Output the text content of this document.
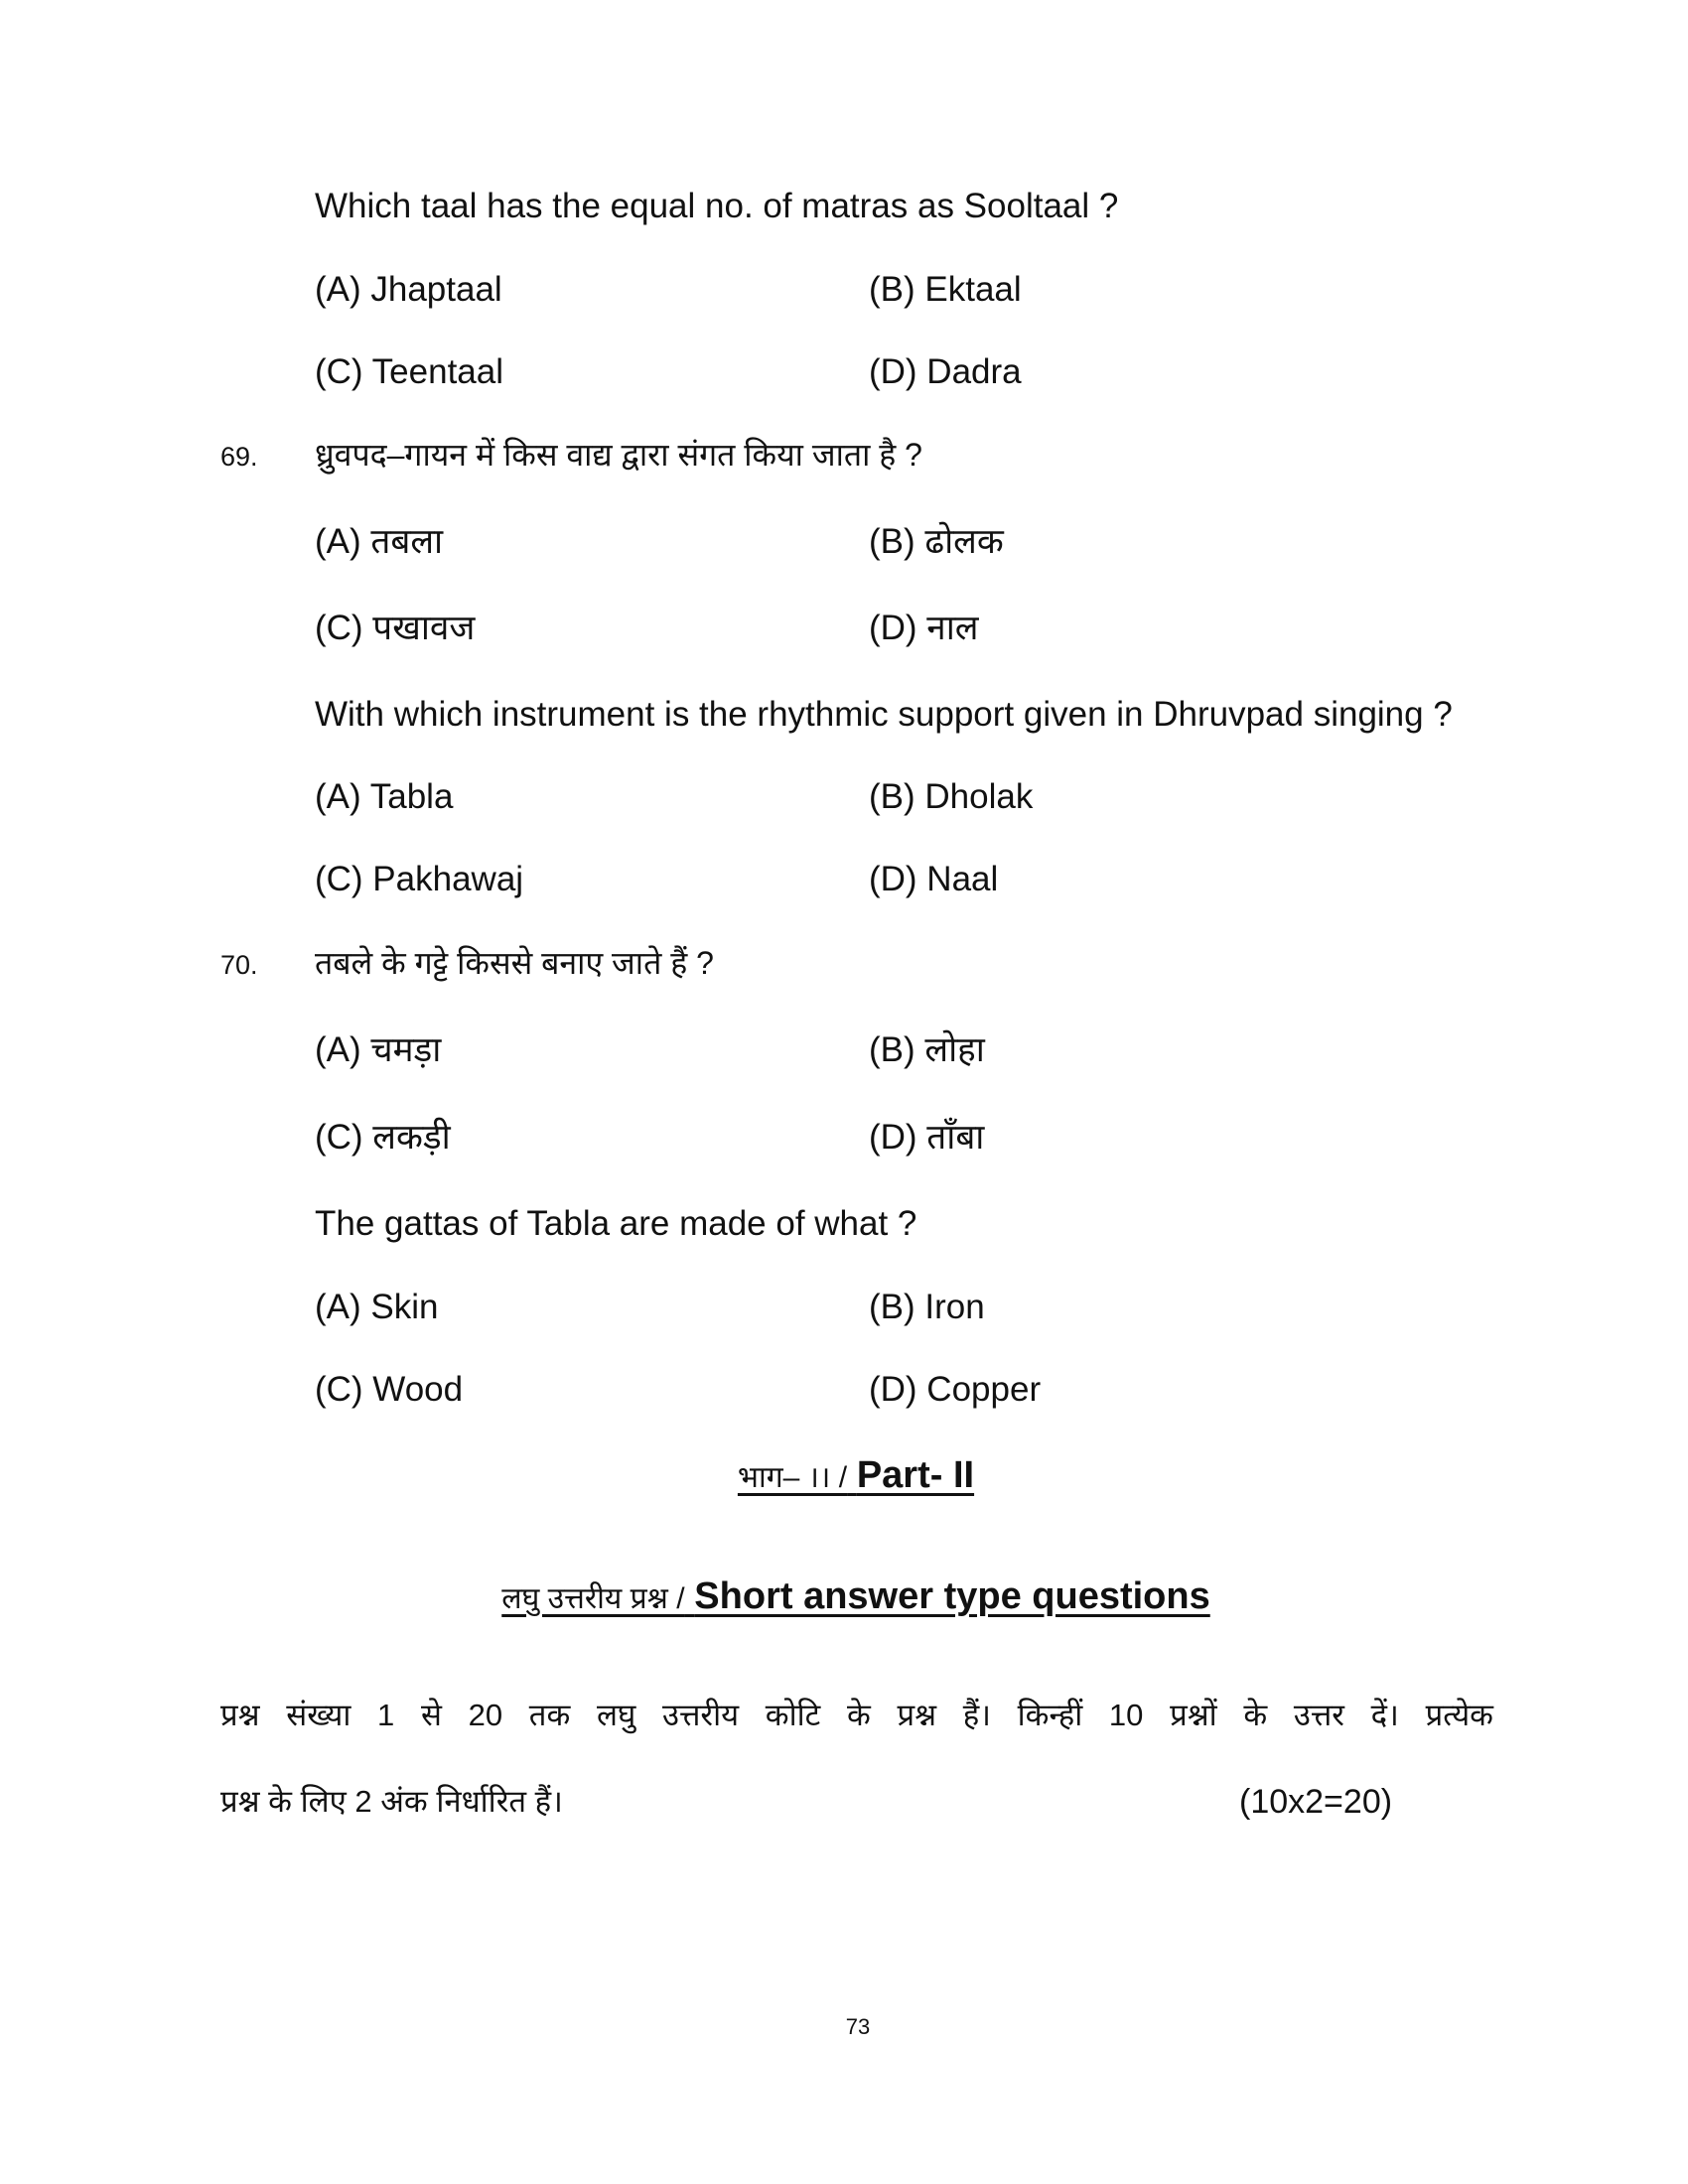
Which taal has the equal no. of matras as Sooltaal ?
(A) Jhaptaal	(B) Ektaal
(C) Teentaal	(D) Dadra
69. ध्रुवपद–गायन में किस वाद्य द्वारा संगत किया जाता है ?
(A) तबला	(B) ढोलक
(C) पखावज	(D) नाल
With which instrument is the rhythmic support given in Dhruvpad singing ?
(A) Tabla	(B) Dholak
(C) Pakhawaj	(D) Naal
70. तबले के गट्टे किससे बनाए जाते हैं ?
(A) चमड़ा	(B) लोहा
(C) लकड़ी	(D) ताँबा
The gattas of Tabla are made of what ?
(A) Skin	(B) Iron
(C) Wood	(D) Copper
भाग– ।। / Part- II
लघु उत्तरीय प्रश्न / Short answer type questions
प्रश्न संख्या 1 से 20 तक लघु उत्तरीय कोटि के प्रश्न हैं। किन्हीं 10 प्रश्नों के उत्तर दें। प्रत्येक
प्रश्न के लिए 2 अंक निर्धारित हैं।	(10x2=20)
73
